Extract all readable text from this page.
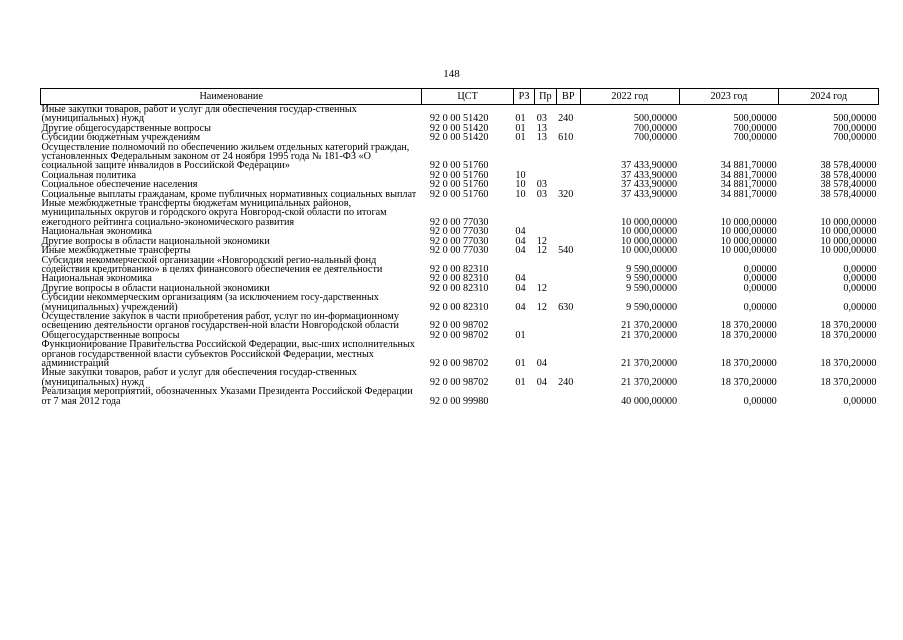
148
Наименование	ЦСТ	РЗ	Пр	ВР	2022 год	2023 год	2024 год
Иные закупки товаров, работ и услуг для обеспечения государ-ственных (муниципальных) нужд	92 0 00 51420	01	03	240	500,00000	500,00000	500,00000
Другие общегосударственные вопросы	92 0 00 51420	01	13		700,00000	700,00000	700,00000
Субсидии бюджетным учреждениям	92 0 00 51420	01	13	610	700,00000	700,00000	700,00000
Осуществление полномочий по обеспечению жильем отдельных категорий граждан, установленных Федеральным законом от 24 ноября 1995 года № 181-ФЗ «О социальной защите инвалидов в Российской Федерации»	92 0 00 51760				37 433,90000	34 881,70000	38 578,40000
Социальная политика	92 0 00 51760	10			37 433,90000	34 881,70000	38 578,40000
Социальное обеспечение населения	92 0 00 51760	10	03		37 433,90000	34 881,70000	38 578,40000
Социальные выплаты гражданам, кроме публичных нормативных социальных выплат	92 0 00 51760	10	03	320	37 433,90000	34 881,70000	38 578,40000
Иные межбюджетные трансферты бюджетам муниципальных районов, муниципальных округов и городского округа Новгород-ской области по итогам ежегодного рейтинга социально-экономического развития	92 0 00 77030				10 000,00000	10 000,00000	10 000,00000
Национальная экономика	92 0 00 77030	04			10 000,00000	10 000,00000	10 000,00000
Другие вопросы в области национальной экономики	92 0 00 77030	04	12		10 000,00000	10 000,00000	10 000,00000
Иные межбюджетные трансферты	92 0 00 77030	04	12	540	10 000,00000	10 000,00000	10 000,00000
Субсидия некоммерческой организации «Новгородский регио-нальный фонд содействия кредитованию» в целях финансового обеспечения ее деятельности	92 0 00 82310				9 590,00000	0,00000	0,00000
Национальная экономика	92 0 00 82310	04			9 590,00000	0,00000	0,00000
Другие вопросы в области национальной экономики	92 0 00 82310	04	12		9 590,00000	0,00000	0,00000
Субсидии некоммерческим организациям (за исключением госу-дарственных (муниципальных) учреждений)	92 0 00 82310	04	12	630	9 590,00000	0,00000	0,00000
Осуществление закупок в части приобретения работ, услуг по ин-формационному освещению деятельности органов государствен-ной власти Новгородской области	92 0 00 98702				21 370,20000	18 370,20000	18 370,20000
Общегосударственные вопросы	92 0 00 98702	01			21 370,20000	18 370,20000	18 370,20000
Функционирование Правительства Российской Федерации, выс-ших исполнительных органов государственной власти субъектов Российской Федерации, местных администраций	92 0 00 98702	01	04		21 370,20000	18 370,20000	18 370,20000
Иные закупки товаров, работ и услуг для обеспечения государ-ственных (муниципальных) нужд	92 0 00 98702	01	04	240	21 370,20000	18 370,20000	18 370,20000
Реализация мероприятий, обозначенных Указами Президента Российской Федерации от 7 мая 2012 года	92 0 00 99980				40 000,00000	0,00000	0,00000
